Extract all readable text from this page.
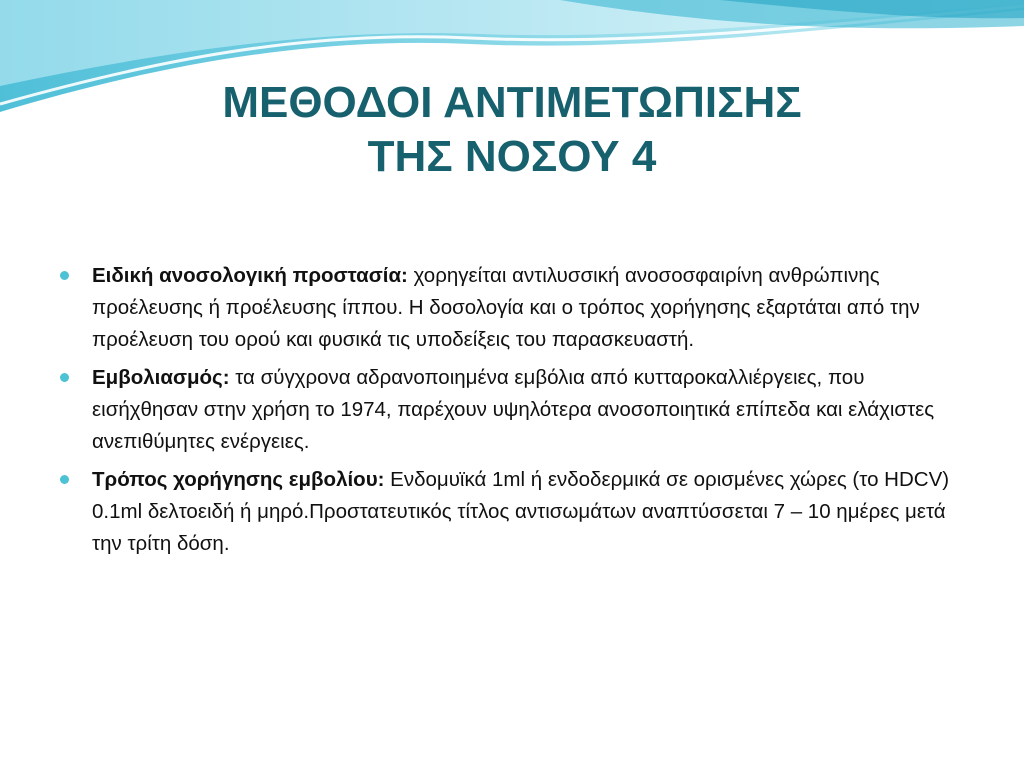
ΜΕΘΟΔΟΙ ΑΝΤΙΜΕΤΩΠΙΣΗΣ
ΤΗΣ ΝΟΣΟΥ 4
Ειδική ανοσολογική προστασία: χορηγείται αντιλυσσική ανοσοσφαιρίνη ανθρώπινης προέλευσης ή προέλευσης ίππου. Η δοσολογία και ο τρόπος χορήγησης εξαρτάται από την προέλευση του ορού και φυσικά τις υποδείξεις του παρασκευαστή.
Εμβολιασμός: τα σύγχρονα αδρανοποιημένα εμβόλια από κυτταροκαλλιέργειες, που εισήχθησαν στην χρήση το 1974, παρέχουν υψηλότερα ανοσοποιητικά επίπεδα και ελάχιστες ανεπιθύμητες ενέργειες.
Τρόπος χορήγησης εμβολίου: Ενδομυϊκά 1ml ή ενδοδερμικά σε ορισμένες χώρες (το HDCV) 0.1ml δελτοειδή ή μηρό.Προστατευτικός τίτλος αντισωμάτων αναπτύσσεται 7 – 10 ημέρες μετά την τρίτη δόση.
